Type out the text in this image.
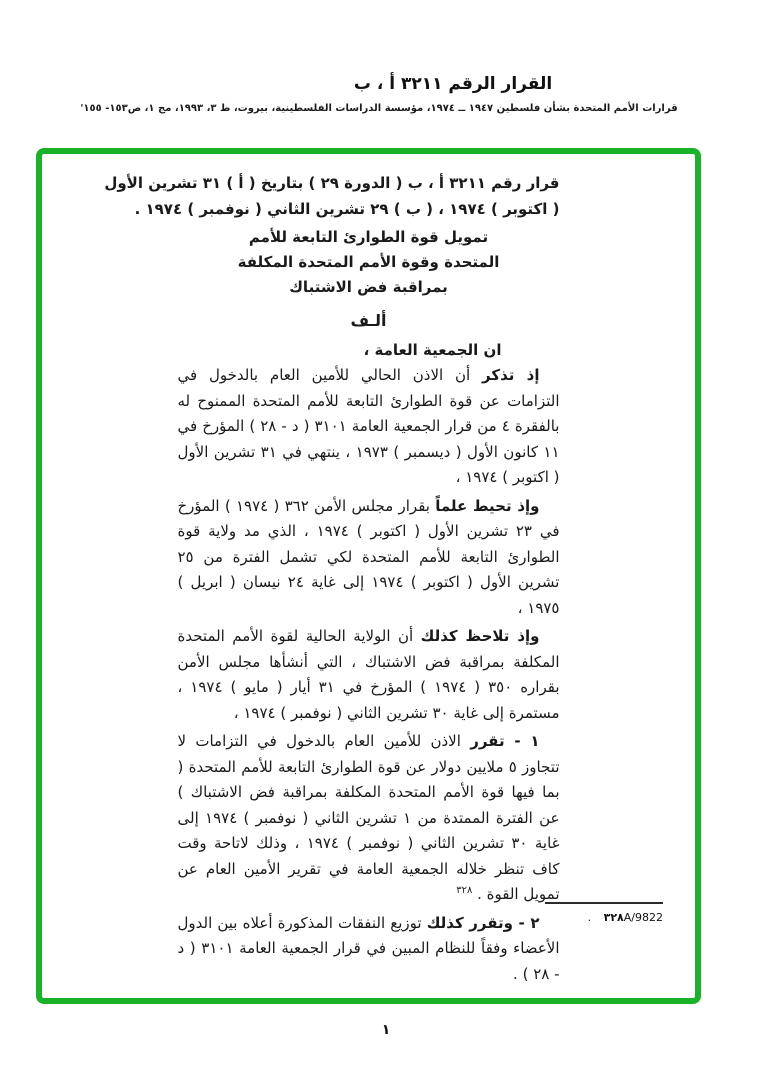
القرار الرقم ٣٢١١ أ ، ب
قرارات الأمم المتحدة بشأن فلسطين ١٩٤٧ ــ ١٩٧٤، مؤسسة الدراسات الفلسطينية، بيروت، ط ٣، ١٩٩٣، مج ١، ص١٥٣- ١٥٥'
قرار رقم ٣٢١١ أ ، ب ( الدورة ٢٩ ) بتاريخ ( أ ) ٣١ تشرين الأول
( اكتوبر ) ١٩٧٤ ، ( ب ) ٢٩ تشرين الثاني ( نوفمبر ) ١٩٧٤ .
تمويل قوة الطوارئ التابعة للأمم
المتحدة وقوة الأمم المتحدة المكلفة
بمراقبة فض الاشتباك
ألـف
ان الجمعية العامة ،

إذ تذكر أن الاذن الحالي للأمين العام بالدخول في التزامات عن قوة الطوارئ التابعة للأمم المتحدة الممنوح له بالفقرة ٤ من قرار الجمعية العامة ٣١٠١ ( د - ٢٨ ) المؤرخ في ١١ كانون الأول ( ديسمبر ) ١٩٧٣ ، ينتهي في ٣١ تشرين الأول ( اكتوبر ) ١٩٧٤ ،

وإذ تحيط علماً بقرار مجلس الأمن ٣٦٢ ( ١٩٧٤ ) المؤرخ في ٢٣ تشرين الأول ( اكتوبر ) ١٩٧٤ ، الذي مد ولاية قوة الطوارئ التابعة للأمم المتحدة لكي تشمل الفترة من ٢٥ تشرين الأول ( اكتوبر ) ١٩٧٤ إلى غاية ٢٤ نيسان ( ابريل ) ١٩٧٥ ،

وإذ تلاحظ كذلك أن الولاية الحالية لقوة الأمم المتحدة المكلفة بمراقبة فض الاشتباك ، التي أنشأها مجلس الأمن بقراره ٣٥٠ ( ١٩٧٤ ) المؤرخ في ٣١ أيار ( مايو ) ١٩٧٤ ، مستمرة إلى غاية ٣٠ تشرين الثاني ( نوفمبر ) ١٩٧٤ ،

١ - تقرر الاذن للأمين العام بالدخول في التزامات لا تتجاوز ٥ ملايين دولار عن قوة الطوارئ التابعة للأمم المتحدة ( بما فيها قوة الأمم المتحدة المكلفة بمراقبة فض الاشتباك ) عن الفترة الممتدة من ١ تشرين الثاني ( نوفمبر ) ١٩٧٤ إلى غاية ٣٠ تشرين الثاني ( نوفمبر ) ١٩٧٤ ، وذلك لاتاحة وقت كاف تنظر خلاله الجمعية العامة في تقرير الأمين العام عن تمويل القوة . $^{٣٢٨}$

٢ - وتقرر كذلك توزيع النفقات المذكورة أعلاه بين الدول الأعضاء وفقاً للنظام المبين في قرار الجمعية العامة ٣١٠١ ( د - ٢٨ ) .

٣٢٨A/9822 .
١
